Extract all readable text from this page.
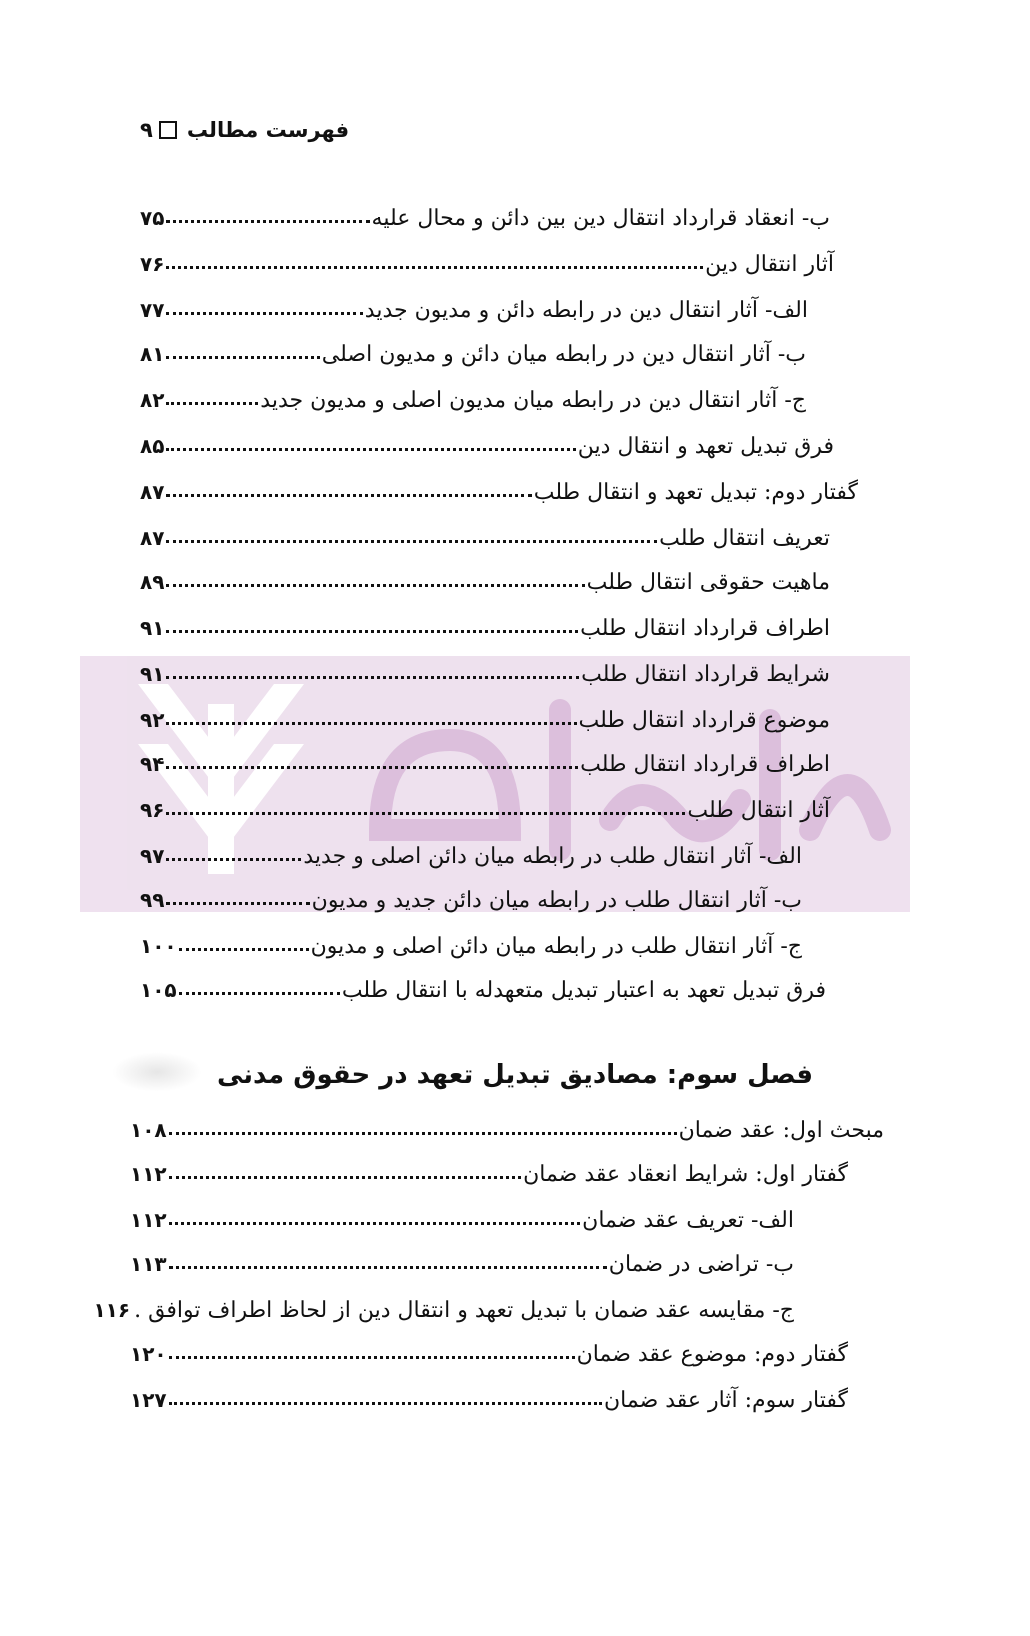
۹ فهرست مطالب
ب- انعقاد قرارداد انتقال دین بین دائن و محال علیه
۷۵
آثار انتقال دین
۷۶
الف- آثار انتقال دین در رابطه دائن و مدیون جدید
۷۷
ب- آثار انتقال دین در رابطه میان دائن و مدیون اصلی
۸۱
ج- آثار انتقال دین در رابطه میان مدیون اصلی و مدیون جدید
۸۲
فرق تبدیل تعهد و انتقال دین
۸۵
گفتار دوم: تبدیل تعهد و انتقال طلب
۸۷
تعریف انتقال طلب
۸۷
ماهیت حقوقی انتقال طلب
۸۹
اطراف قرارداد انتقال طلب
۹۱
شرایط قرارداد انتقال طلب
۹۱
موضوع قرارداد انتقال طلب
۹۲
اطراف قرارداد انتقال طلب
۹۴
آثار انتقال طلب
۹۶
الف- آثار انتقال طلب در رابطه میان دائن اصلی و جدید
۹۷
ب- آثار انتقال طلب در رابطه میان دائن جدید و مدیون
۹۹
ج- آثار انتقال طلب در رابطه میان دائن اصلی و مدیون
۱۰۰
فرق تبدیل تعهد به اعتبار تبدیل متعهدله با انتقال طلب
۱۰۵
فصل سوم: مصادیق تبدیل تعهد در حقوق مدنی
مبحث اول: عقد ضمان
۱۰۸
گفتار اول: شرایط انعقاد عقد ضمان
۱۱۲
الف- تعریف عقد ضمان
۱۱۲
ب- تراضی در ضمان
۱۱۳
ج- مقایسه عقد ضمان با تبدیل تعهد و انتقال دین از لحاظ اطراف توافق .
۱۱۶
گفتار دوم: موضوع عقد ضمان
۱۲۰
گفتار سوم: آثار عقد ضمان
۱۲۷
